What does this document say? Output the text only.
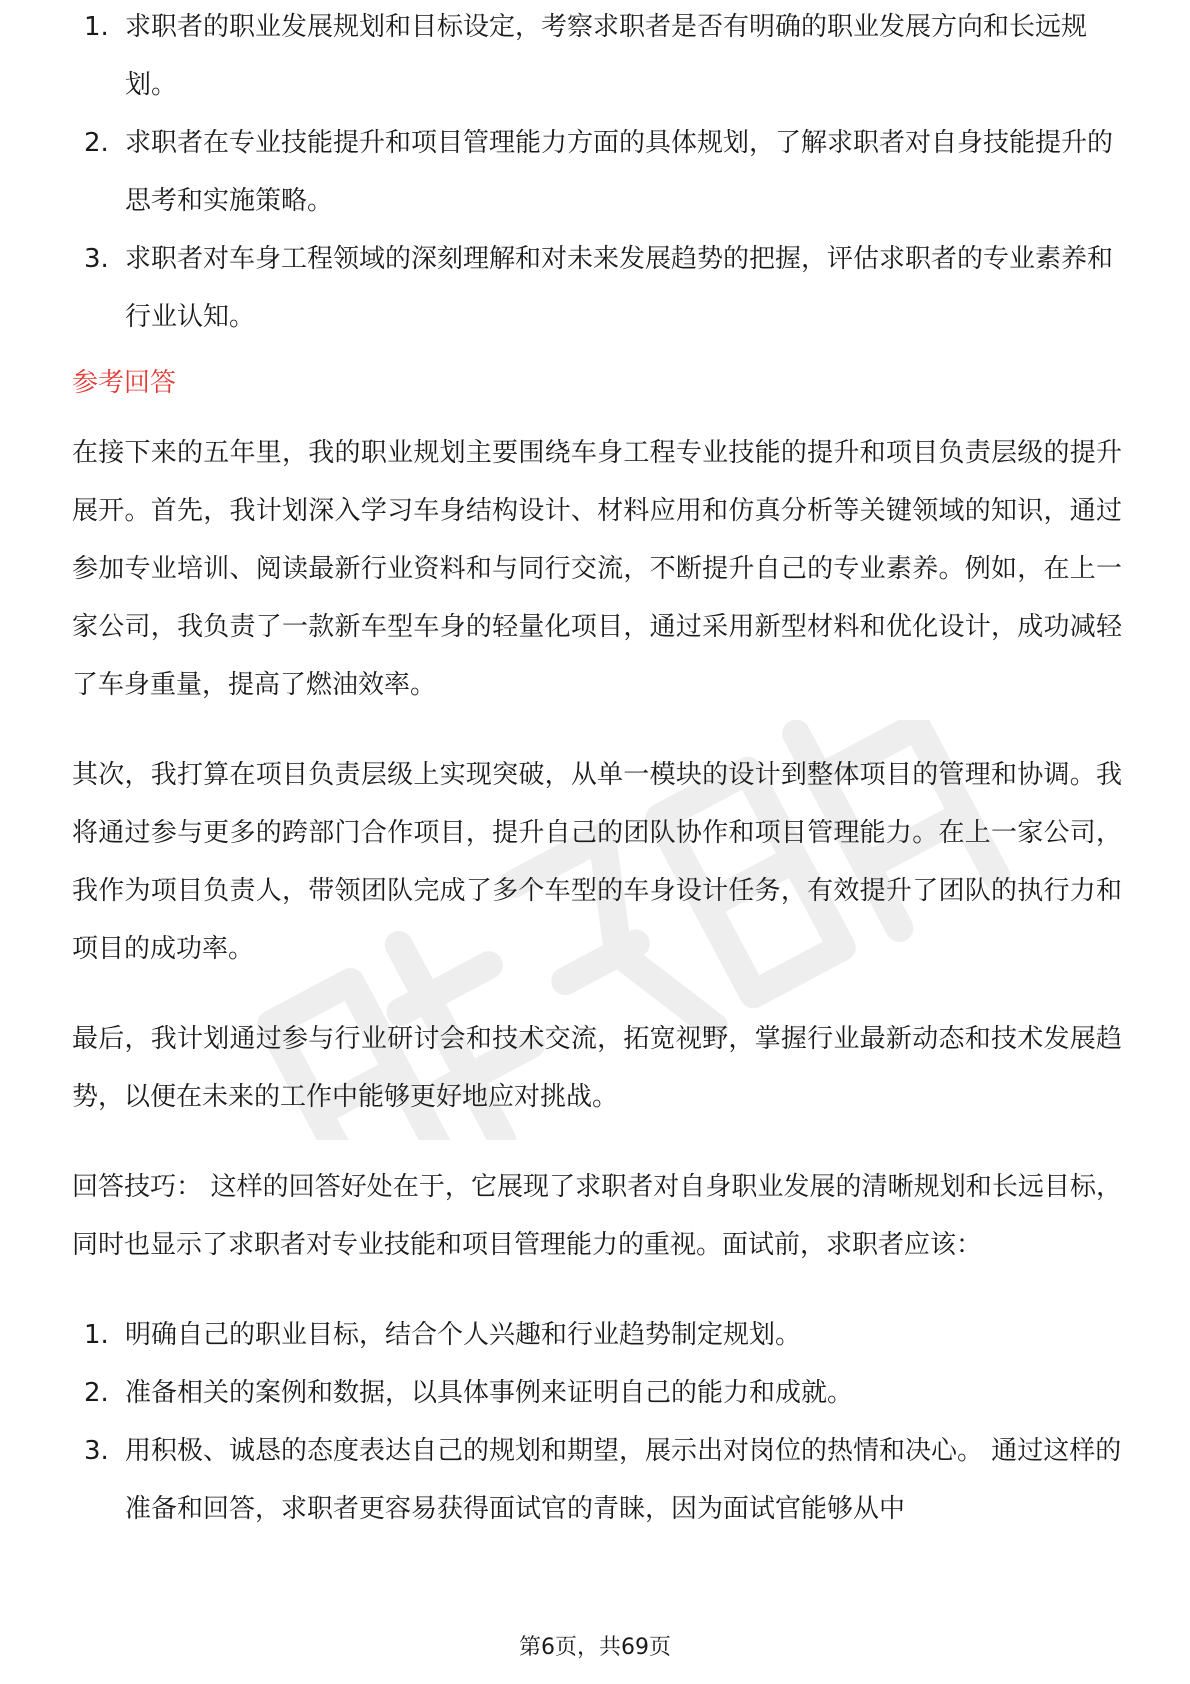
1. 求职者的职业发展规划和目标设定，考察求职者是否有明确的职业发展方向和长远规划。
2. 求职者在专业技能提升和项目管理能力方面的具体规划，了解求职者对自身技能提升的思考和实施策略。
3. 求职者对车身工程领域的深刻理解和对未来发展趋势的把握，评估求职者的专业素养和行业认知。
参考回答

在接下来的五年里，我的职业规划主要围绕车身工程专业技能的提升和项目负责层级的提升展开。首先，我计划深入学习车身结构设计、材料应用和仿真分析等关键领域的知识，通过参加专业培训、阅读最新行业资料和与同行交流，不断提升自己的专业素养。例如，在上一家公司，我负责了一款新车型车身的轻量化项目，通过采用新型材料和优化设计，成功减轻了车身重量，提高了燃油效率。

其次，我打算在项目负责层级上实现突破，从单一模块的设计到整体项目的管理和协调。我将通过参与更多的跨部门合作项目，提升自己的团队协作和项目管理能力。在上一家公司，我作为项目负责人，带领团队完成了多个车型的车身设计任务，有效提升了团队的执行力和项目的成功率。

最后，我计划通过参与行业研讨会和技术交流，拓宽视野，掌握行业最新动态和技术发展趋势，以便在未来的工作中能够更好地应对挑战。

回答技巧： 这样的回答好处在于，它展现了求职者对自身职业发展的清晰规划和长远目标，同时也显示了求职者对专业技能和项目管理能力的重视。面试前，求职者应该：

1. 明确自己的职业目标，结合个人兴趣和行业趋势制定规划。
2. 准备相关的案例和数据，以具体事例来证明自己的能力和成就。
3. 用积极、诚恳的态度表达自己的规划和期望，展示出对岗位的热情和决心。 通过这样的准备和回答，求职者更容易获得面试官的青睐，因为面试官能够从中
第6页，共69页
